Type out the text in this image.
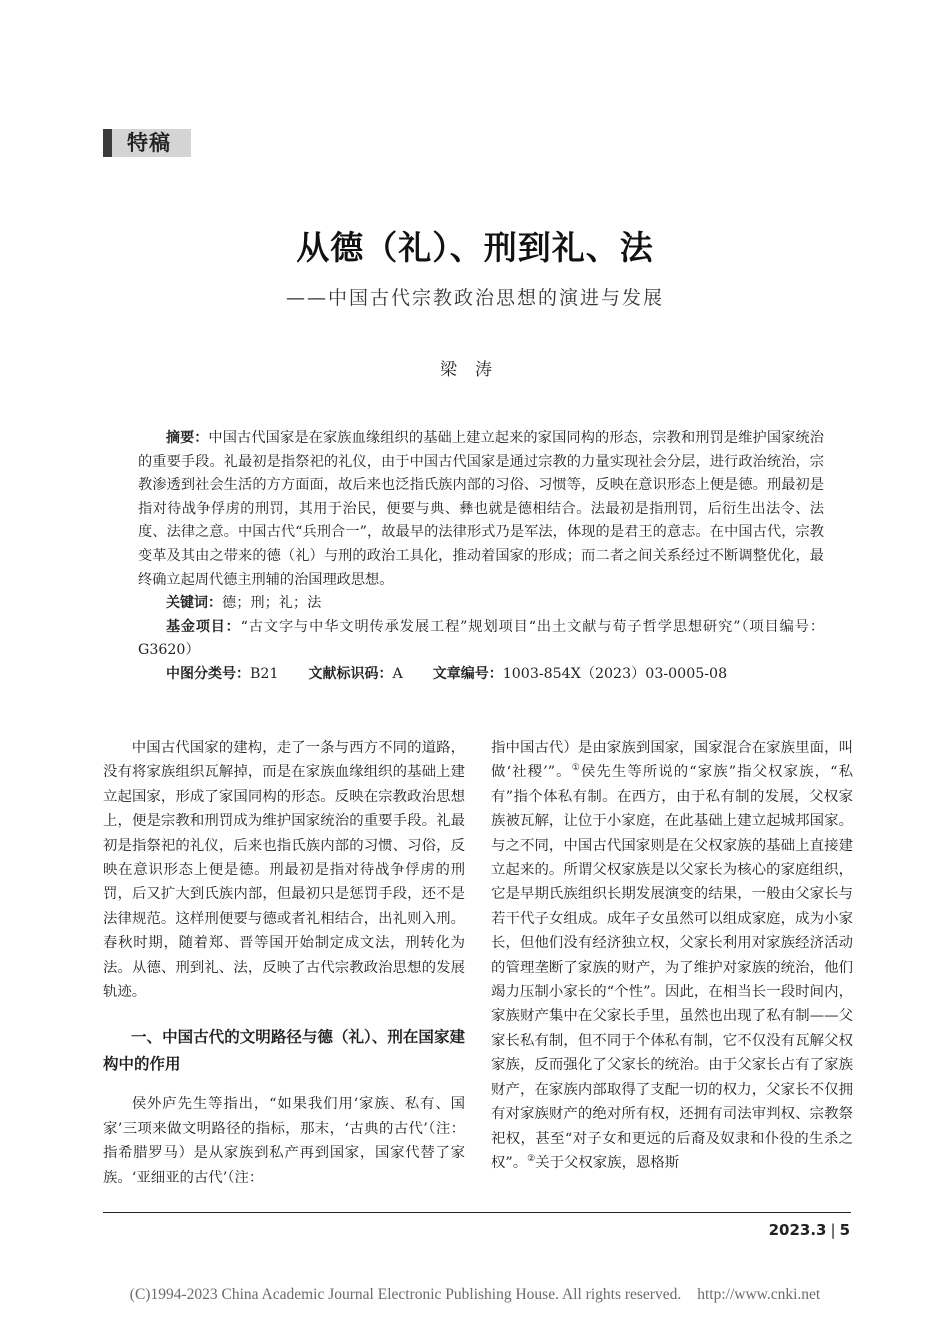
特稿
从德（礼）、刑到礼、法
——中国古代宗教政治思想的演进与发展
梁涛

摘要：中国古代国家是在家族血缘组织的基础上建立起来的家国同构的形态，宗教和刑罚是维护国家统治的重要手段。礼最初是指祭祀的礼仪，由于中国古代国家是通过宗教的力量实现社会分层，进行政治统治，宗教渗透到社会生活的方方面面，故后来也泛指氏族内部的习俗、习惯等，反映在意识形态上便是德。刑最初是指对待战争俘虏的刑罚，其用于治民，便要与典、彝也就是德相结合。法最初是指刑罚，后衍生出法令、法度、法律之意。中国古代“兵刑合一”，故最早的法律形式乃是军法，体现的是君王的意志。在中国古代，宗教变革及其由之带来的德（礼）与刑的政治工具化，推动着国家的形成；而二者之间关系经过不断调整优化，最终确立起周代德主刑辅的治国理政思想。

关键词：德；刑；礼；法

基金项目：“古文字与中华文明传承发展工程”规划项目“出土文献与荀子哲学思想研究”（项目编号：G3620）

中图分类号：B21 文献标识码：A 文章编号：1003-854X（2023）03-0005-08

中国古代国家的建构，走了一条与西方不同的道路，没有将家族组织瓦解掉，而是在家族血缘组织的基础上建立起国家，形成了家国同构的形态。反映在宗教政治思想上，便是宗教和刑罚成为维护国家统治的重要手段。礼最初是指祭祀的礼仪，后来也指氏族内部的习惯、习俗，反映在意识形态上便是德。刑最初是指对待战争俘虏的刑罚，后又扩大到氏族内部，但最初只是惩罚手段，还不是法律规范。这样刑便要与德或者礼相结合，出礼则入刑。春秋时期，随着郑、晋等国开始制定成文法，刑转化为法。从德、刑到礼、法，反映了古代宗教政治思想的发展轨迹。

一、中国古代的文明路径与德（礼）、刑在国家建构中的作用

侯外庐先生等指出，“如果我们用‘家族、私有、国家’三项来做文明路径的指标，那末，‘古典的古代’（注：指希腊罗马）是从家族到私产再到国家，国家代替了家族。‘亚细亚的古代’（注：

指中国古代）是由家族到国家，国家混合在家族里面，叫做‘社稷’”。①侯先生等所说的“家族”指父权家族，“私有”指个体私有制。在西方，由于私有制的发展，父权家族被瓦解，让位于小家庭，在此基础上建立起城邦国家。与之不同，中国古代国家则是在父权家族的基础上直接建立起来的。所谓父权家族是以父家长为核心的家庭组织，它是早期氏族组织长期发展演变的结果，一般由父家长与若干代子女组成。成年子女虽然可以组成家庭，成为小家长，但他们没有经济独立权，父家长利用对家族经济活动的管理垄断了家族的财产，为了维护对家族的统治，他们竭力压制小家长的“个性”。因此，在相当长一段时间内，家族财产集中在父家长手里，虽然也出现了私有制——父家长私有制，但不同于个体私有制，它不仅没有瓦解父权家族，反而强化了父家长的统治。由于父家长占有了家族财产，在家族内部取得了支配一切的权力，父家长不仅拥有对家族财产的绝对所有权，还拥有司法审判权、宗教祭祀权，甚至“对子女和更远的后裔及奴隶和仆役的生杀之权”。②关于父权家族，恩格斯

2023.3 | 5
(C)1994-2023 China Academic Journal Electronic Publishing House. All rights reserved. http://www.cnki.net
